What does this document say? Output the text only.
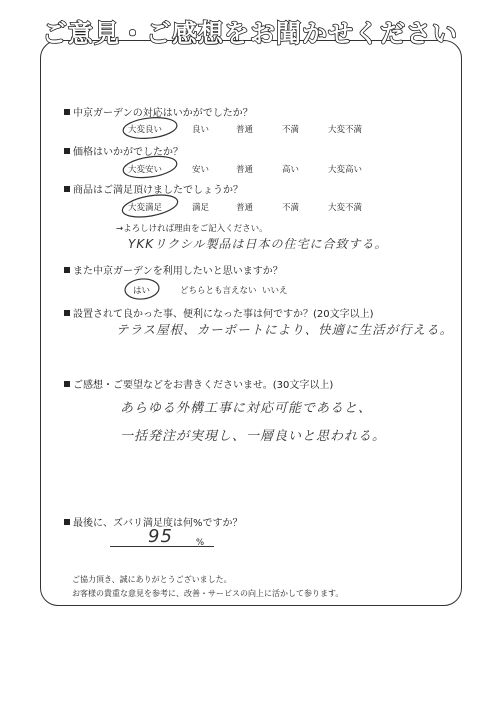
ご意見・ご感想をお聞かせください
中京ガーデンの対応はいかがでしたか？
大変良い	良い	普通	不満	大変不満
価格はいかがでしたか？
大変安い	安い	普通	高い	大変高い
商品はご満足頂けましたでしょうか？
大変満足	満足	普通	不満	大変不満
→よろしければ理由をご記入ください。
YKKリクシル製品は日本の住宅に合致する。
また中京ガーデンを利用したいと思いますか？
はい	どちらとも言えない いいえ
設置されて良かった事、便利になった事は何ですか？(20文字以上)
テラス屋根、カーポートにより、快適に生活が行える。
ご感想・ご要望などをお書きくださいませ。(30文字以上)
あらゆる外構工事に対応可能であると、
一括発注が実現し、一層良いと思われる。
最後に、ズバリ満足度は何%ですか？
95	%
ご協力頂き、誠にありがとうございました。
お客様の貴重な意見を参考に、改善・サービスの向上に活かして参ります。
